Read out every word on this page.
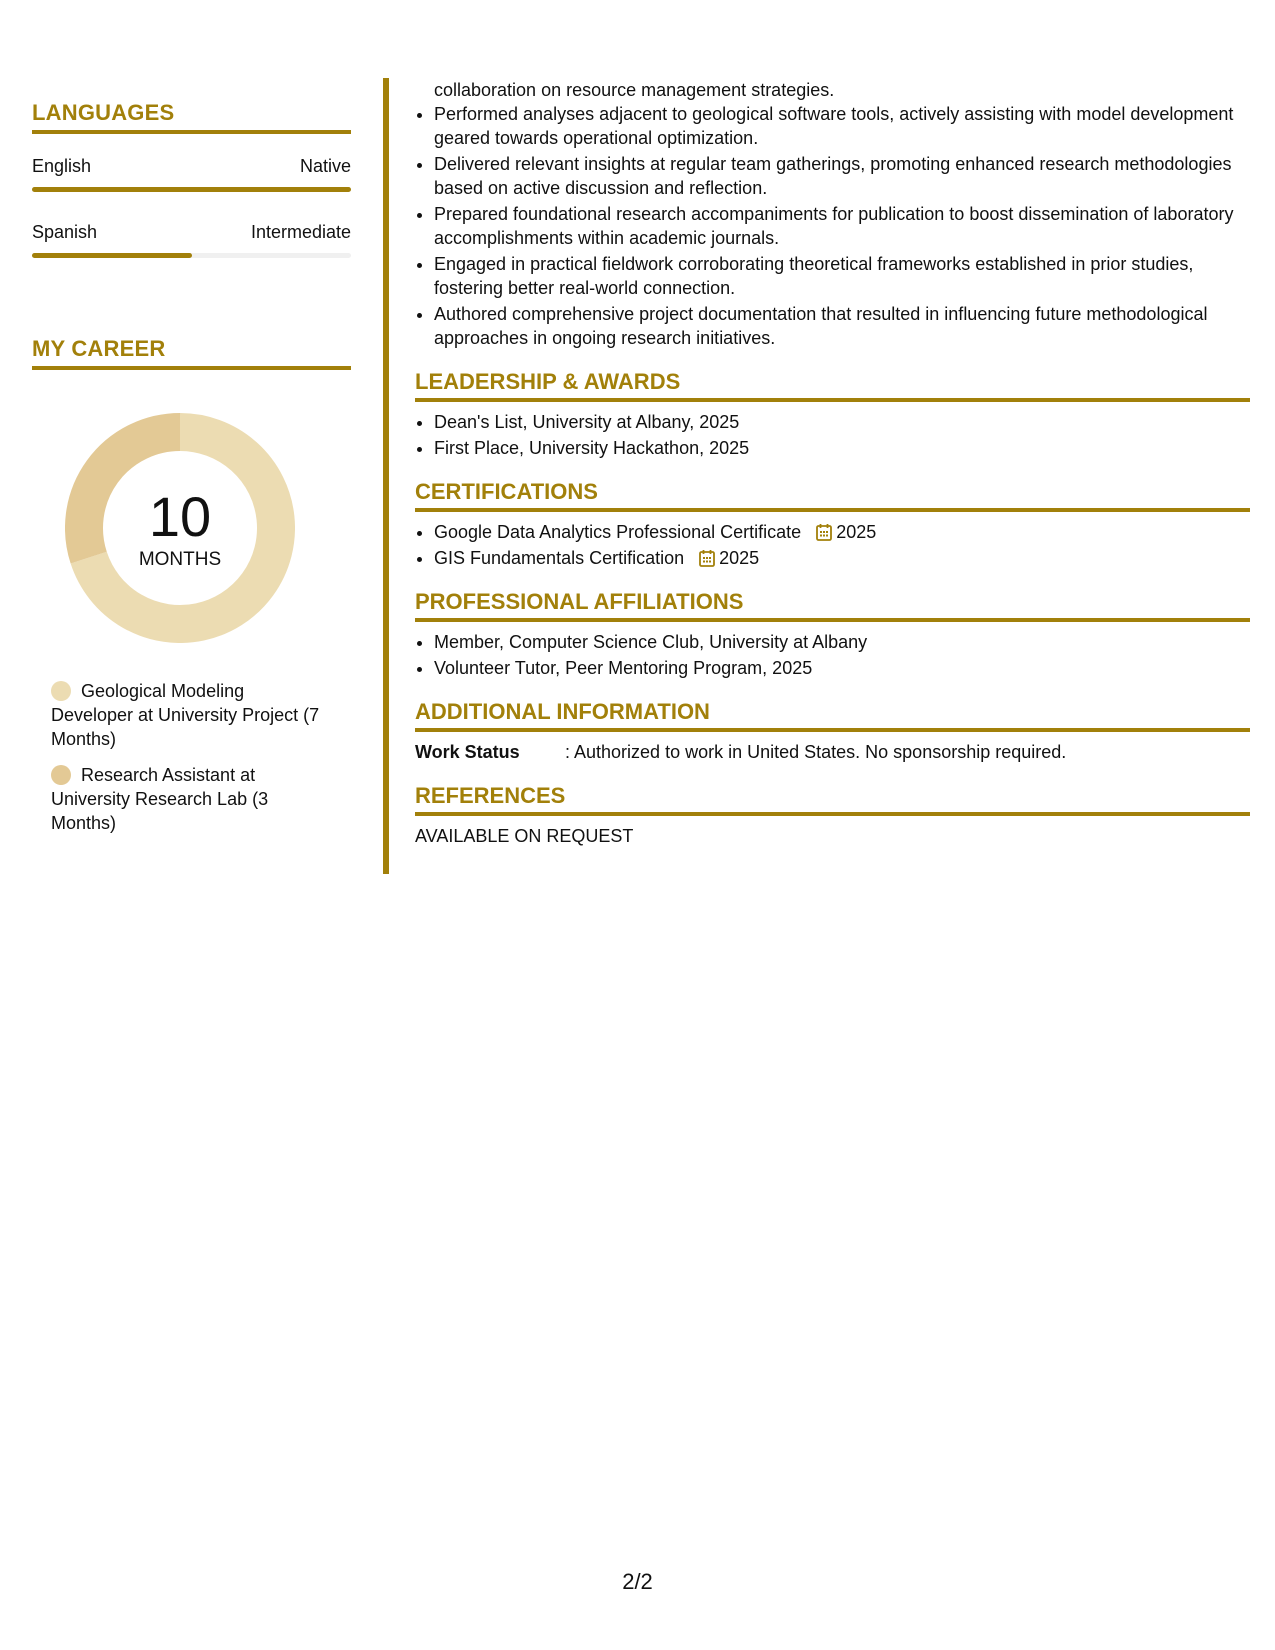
LANGUAGES
English	Native
Spanish	Intermediate
MY CAREER
10
MONTHS
Geological Modeling Developer at University Project (7 Months)
Research Assistant at University Research Lab (3 Months)
collaboration on resource management strategies.
• Performed analyses adjacent to geological software tools, actively assisting with model development geared towards operational optimization.
• Delivered relevant insights at regular team gatherings, promoting enhanced research methodologies based on active discussion and reflection.
• Prepared foundational research accompaniments for publication to boost dissemination of laboratory accomplishments within academic journals.
• Engaged in practical fieldwork corroborating theoretical frameworks established in prior studies, fostering better real-world connection.
• Authored comprehensive project documentation that resulted in influencing future methodological approaches in ongoing research initiatives.
LEADERSHIP & AWARDS
• Dean's List, University at Albany, 2025
• First Place, University Hackathon, 2025
CERTIFICATIONS
• Google Data Analytics Professional Certificate 2025
• GIS Fundamentals Certification 2025
PROFESSIONAL AFFILIATIONS
• Member, Computer Science Club, University at Albany
• Volunteer Tutor, Peer Mentoring Program, 2025
ADDITIONAL INFORMATION
Work Status	: Authorized to work in United States. No sponsorship required.
REFERENCES
AVAILABLE ON REQUEST
2/2
